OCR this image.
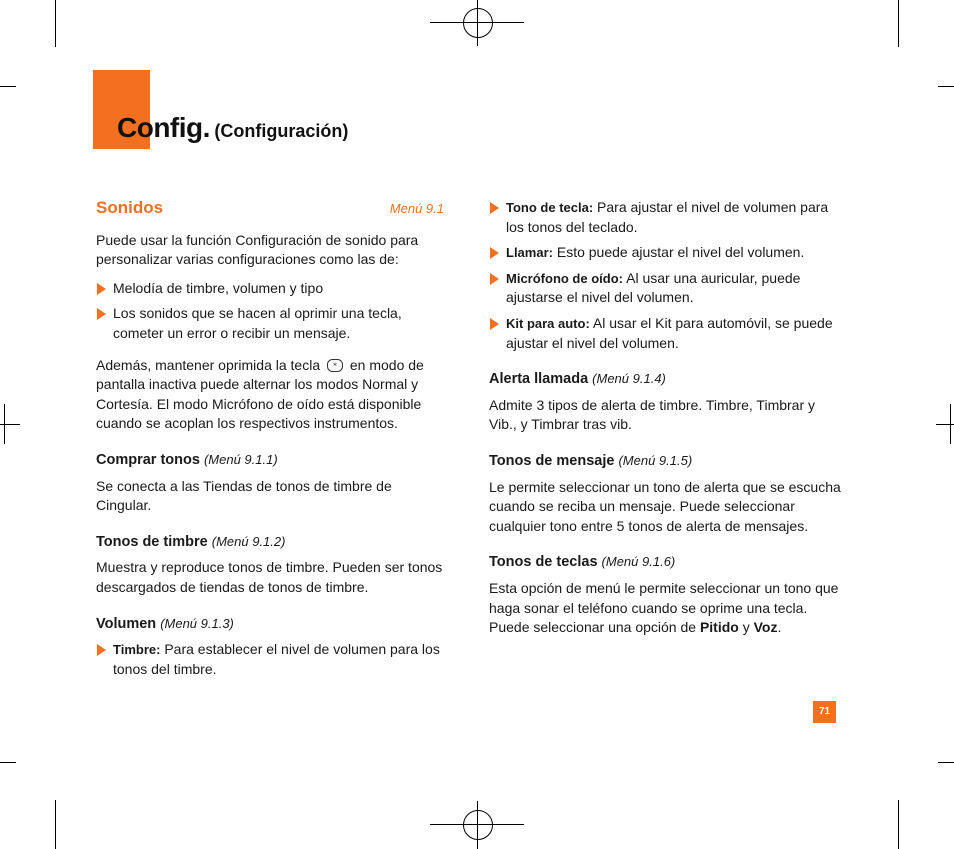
Config. (Configuración)
Sonidos	Menú 9.1

Puede usar la función Configuración de sonido para personalizar varias configuraciones como las de:

Melodía de timbre, volumen y tipo
Los sonidos que se hacen al oprimir una tecla, cometer un error o recibir un mensaje.

Además, mantener oprimida la tecla * en modo de pantalla inactiva puede alternar los modos Normal y Cortesía. El modo Micrófono de oído está disponible cuando se acoplan los respectivos instrumentos.

Comprar tonos (Menú 9.1.1)

Se conecta a las Tiendas de tonos de timbre de Cingular.

Tonos de timbre (Menú 9.1.2)

Muestra y reproduce tonos de timbre. Pueden ser tonos descargados de tiendas de tonos de timbre.

Volumen (Menú 9.1.3)
Timbre: Para establecer el nivel de volumen para los tonos del timbre.
Tono de tecla: Para ajustar el nivel de volumen para los tonos del teclado.
Llamar: Esto puede ajustar el nivel del volumen.
Micrófono de oído: Al usar una auricular, puede ajustarse el nivel del volumen.
Kit para auto: Al usar el Kit para automóvil, se puede ajustar el nivel del volumen.
Alerta llamada (Menú 9.1.4)

Admite 3 tipos de alerta de timbre. Timbre, Timbrar y Vib., y Timbrar tras vib.

Tonos de mensaje (Menú 9.1.5)

Le permite seleccionar un tono de alerta que se escucha cuando se reciba un mensaje. Puede seleccionar cualquier tono entre 5 tonos de alerta de mensajes.

Tonos de teclas (Menú 9.1.6)

Esta opción de menú le permite seleccionar un tono que haga sonar el teléfono cuando se oprime una tecla. Puede seleccionar una opción de Pitido y Voz.

71
